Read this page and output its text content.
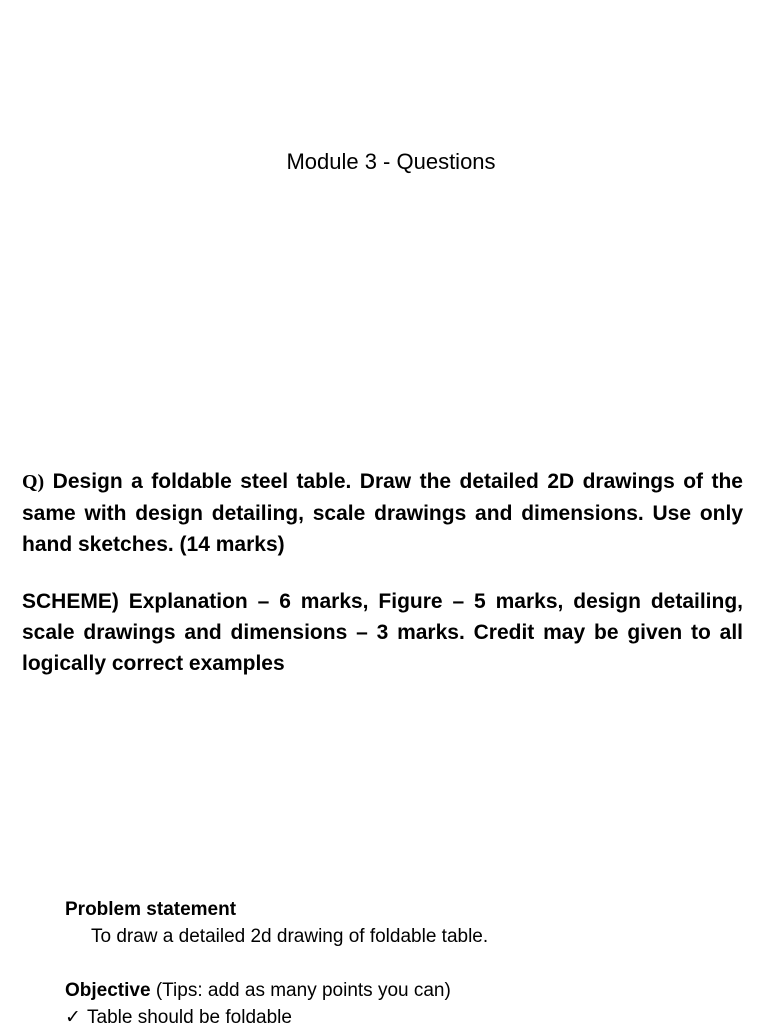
Module 3 - Questions
Q) Design a foldable steel table. Draw the detailed 2D drawings of the same with design detailing, scale drawings and dimensions. Use only hand sketches. (14 marks)
SCHEME) Explanation – 6 marks, Figure – 5 marks, design detailing, scale drawings and dimensions – 3 marks. Credit may be given to all logically correct examples
Problem statement
To draw a detailed 2d drawing of foldable table.
Objective (Tips: add as many points you can)
✓ Table should be foldable
